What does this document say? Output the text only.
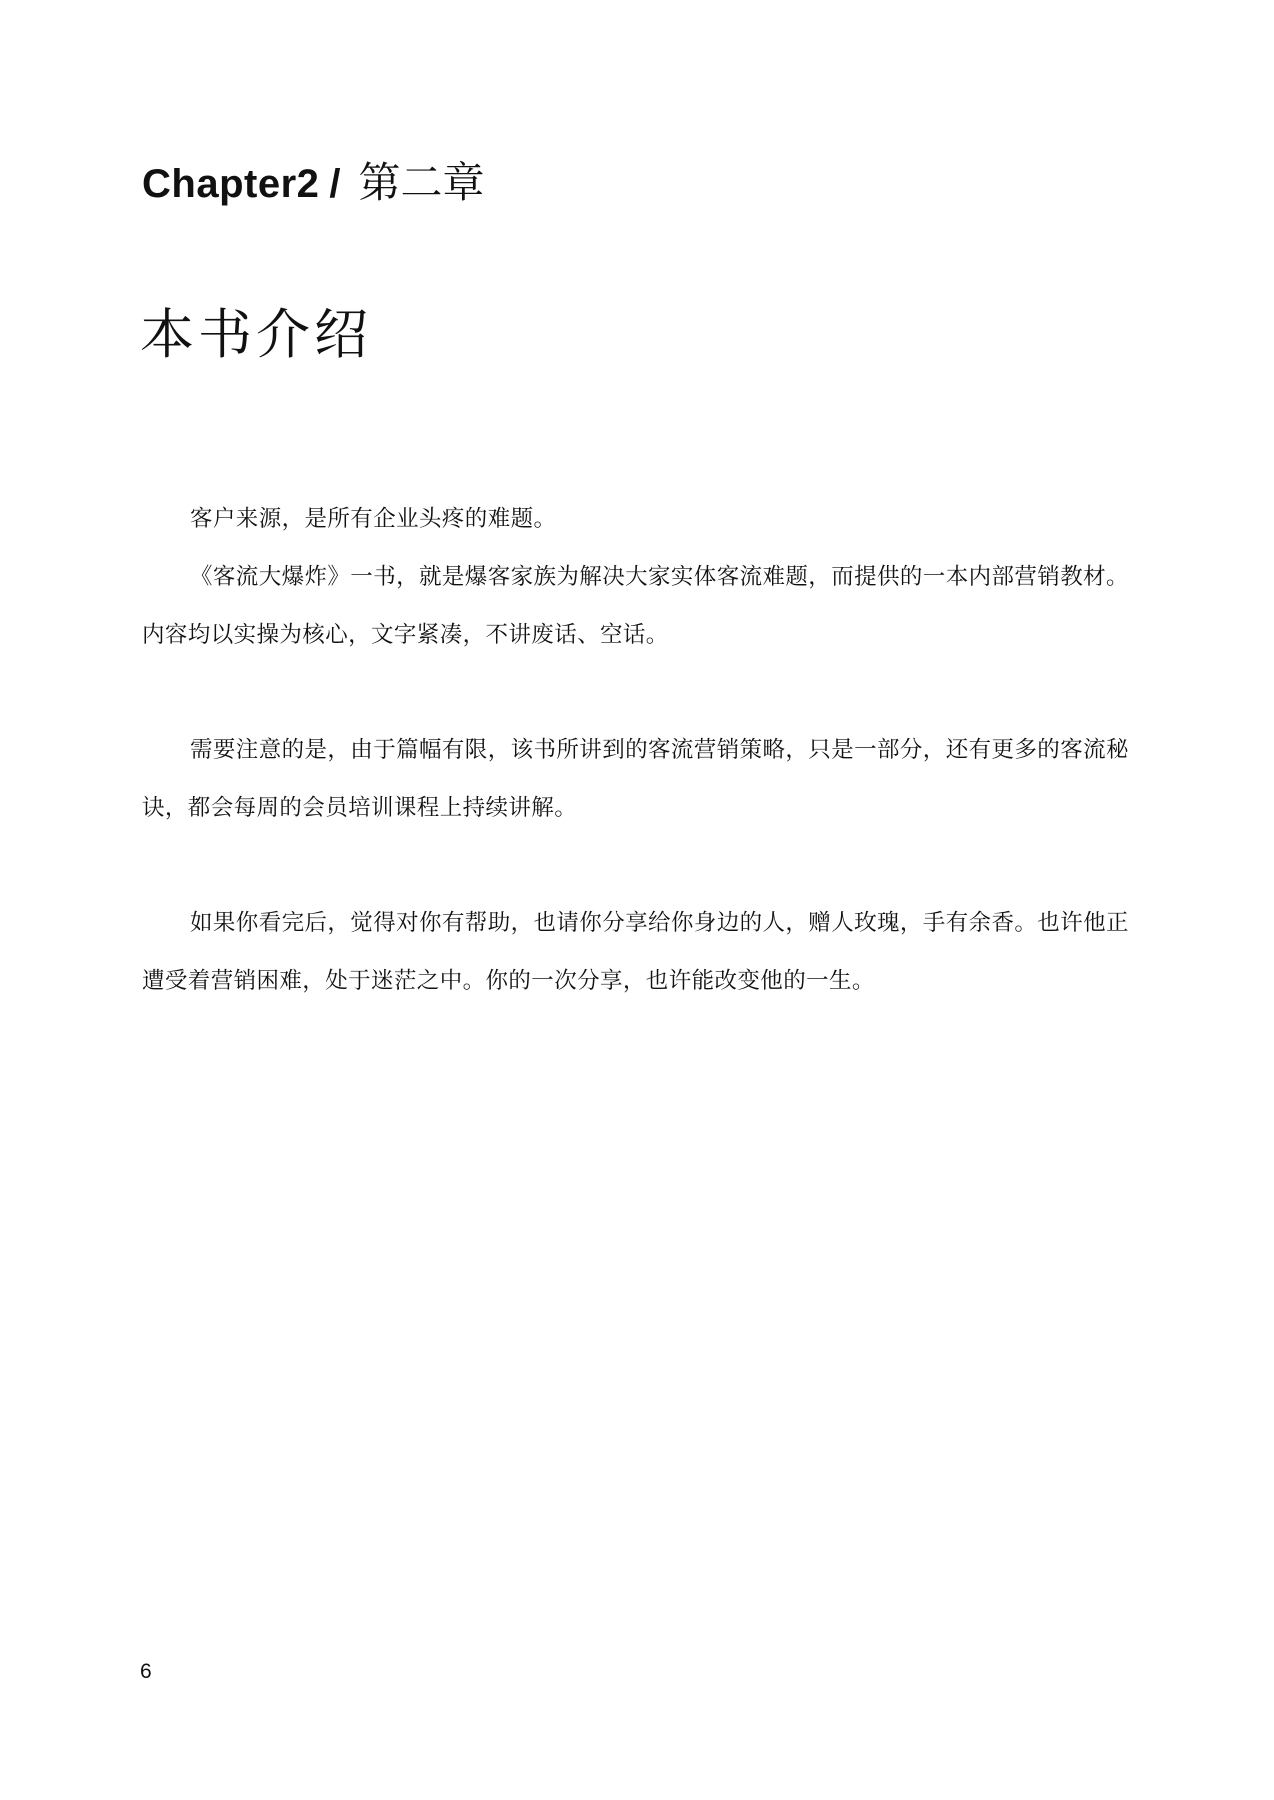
Chapter2 / 第二章
本书介绍

客户来源，是所有企业头疼的难题。

《客流大爆炸》一书，就是爆客家族为解决大家实体客流难题，而提供的一本内部营销教材。内容均以实操为核心，文字紧凑，不讲废话、空话。

需要注意的是，由于篇幅有限，该书所讲到的客流营销策略，只是一部分，还有更多的客流秘诀，都会每周的会员培训课程上持续讲解。

如果你看完后，觉得对你有帮助，也请你分享给你身边的人，赠人玫瑰，手有余香。也许他正遭受着营销困难，处于迷茫之中。你的一次分享，也许能改变他的一生。

6
